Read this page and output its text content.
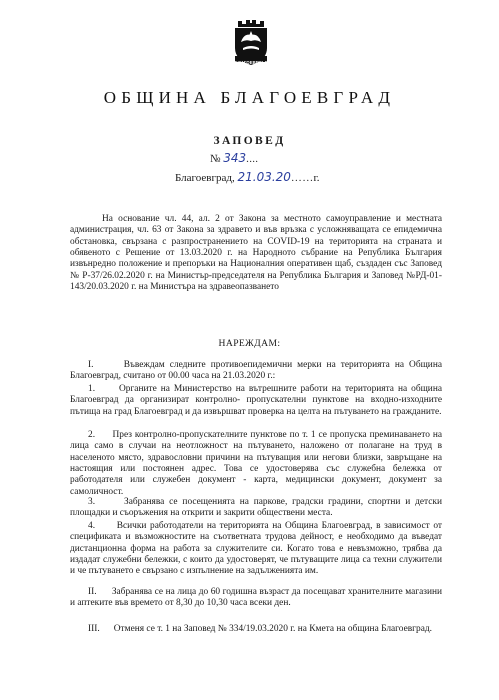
БЛАГОЕВГРАД
ОБЩИНА БЛАГОЕВГРАД
ЗАПОВЕД
№ 343....
Благоевград, 21.03.20……г.
На основание чл. 44, ал. 2 от Закона за местното самоуправление и местната администрация, чл. 63 от Закона за здравето и във връзка с усложняващата се епидемична обстановка, свързана с разпространението на COVID-19 на територията на страната и обявеното с Решение от 13.03.2020 г. на Народното събрание на Република България извънредно положение и препоръки на Националния оперативен щаб, създаден със Заповед № Р-37/26.02.2020 г. на Министър-председателя на Република България и Заповед №РД-01-143/20.03.2020 г. на Министъра на здравеопазването
НАРЕЖДАМ:
I.	Въвеждам следните противоепидемични мерки на територията на Община Благоевград, считано от 00.00 часа на 21.03.2020 г.:
1.	Органите на Министерство на вътрешните работи на територията на община Благоевград да организират контролно- пропускателни пунктове на входно-изходните пътища на град Благоевград и да извършват проверка на целта на пътуването на гражданите.
2. През контролно-пропускателните пунктове по т. 1 се пропуска преминаването на лица само в случаи на неотложност на пътуването, наложено от полагане на труд в населеното място, здравословни причини на пътуващия или негови близки, завръщане на настоящия или постоянен адрес. Това се удостоверява със служебна бележка от работодателя или служебен документ - карта, медицински документ, документ за самоличност.
3.	Забранява се посещенията на парковe, градски градини, спортни и детски площадки и съоръжения на открити и закрити обществени места.
4. Всички работодатели на територията на Община Благоевград, в зависимост от спецификата и възможностите на съответната трудова дейност, е необходимо да въведат дистанционна форма на работа за служителите си. Когато това е невъзможно, трябва да издадат служебни бележки, с които да удостоверят, че пътуващите лица са техни служители и че пътуването е свързано с изпълнение на задълженията им.
II. Забранява се на лица до 60 годишна възраст да посещават хранителните магазини и аптеките във времето от 8,30 до 10,30 часа всеки ден.
III. Отменя се т. 1 на Заповед № 334/19.03.2020 г. на Кмета на община Благоевград.
